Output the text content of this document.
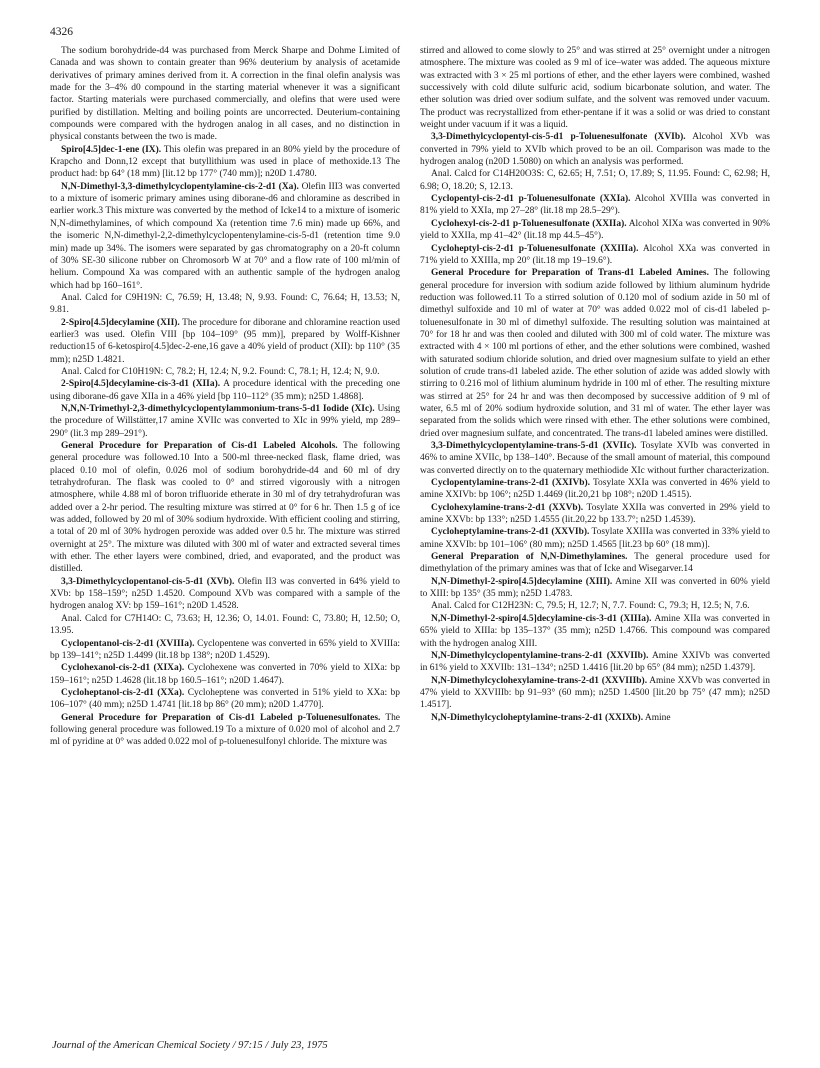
4326

The sodium borohydride-d4 was purchased from Merck Sharpe and Dohme Limited of Canada and was shown to contain greater than 96% deuterium by analysis of acetamide derivatives of primary amines derived from it. A correction in the final olefin analysis was made for the 3–4% d0 compound in the starting material whenever it was a significant factor. Starting materials were purchased commercially, and olefins that were used were purified by distillation. Melting and boiling points are uncorrected. Deuterium-containing compounds were compared with the hydrogen analog in all cases, and no distinction in physical constants between the two is made.

Spiro[4.5]dec-1-ene (IX). This olefin was prepared in an 80% yield by the procedure of Krapcho and Donn,12 except that butyllithium was used in place of methoxide.13 The product had: bp 64° (18 mm) [lit.12 bp 177° (740 mm)]; n20D 1.4780.

N,N-Dimethyl-3,3-dimethylcyclopentylamine-cis-2-d1 (Xa). Olefin III3 was converted to a mixture of isomeric primary amines using diborane-d6 and chloramine as described in earlier work.3 This mixture was converted by the method of Icke14 to a mixture of isomeric N,N-dimethylamines, of which compound Xa (retention time 7.6 min) made up 66%, and the isomeric N,N-dimethyl-2,2-dimethylcyclopentenylamine-cis-5-d1 (retention time 9.0 min) made up 34%. The isomers were separated by gas chromatography on a 20-ft column of 30% SE-30 silicone rubber on Chromosorb W at 70° and a flow rate of 100 ml/min of helium. Compound Xa was compared with an authentic sample of the hydrogen analog which had bp 160–161°.

Anal. Calcd for C9H19N: C, 76.59; H, 13.48; N, 9.93. Found: C, 76.64; H, 13.53; N, 9.81.

2-Spiro[4.5]decylamine (XII). The procedure for diborane and chloramine reaction used earlier3 was used. Olefin VIII [bp 104–109° (95 mm)], prepared by Wolff-Kishner reduction15 of 6-ketospiro[4.5]dec-2-ene,16 gave a 40% yield of product (XII): bp 110° (35 mm); n25D 1.4821.

Anal. Calcd for C10H19N: C, 78.2; H, 12.4; N, 9.2. Found: C, 78.1; H, 12.4; N, 9.0.

2-Spiro[4.5]decylamine-cis-3-d1 (XIIa). A procedure identical with the preceding one using diborane-d6 gave XIIa in a 46% yield [bp 110–112° (35 mm); n25D 1.4868].

N,N,N-Trimethyl-2,3-dimethylcyclopentylammonium-trans-5-d1 Iodide (XIc). Using the procedure of Willstätter,17 amine XVIIc was converted to XIc in 99% yield, mp 289–290° (lit.3 mp 289–291°).

General Procedure for Preparation of Cis-d1 Labeled Alcohols. The following general procedure was followed.10 Into a 500-ml three-necked flask, flame dried, was placed 0.10 mol of olefin, 0.026 mol of sodium borohydride-d4 and 60 ml of dry tetrahydrofuran. The flask was cooled to 0° and stirred vigorously with a nitrogen atmosphere, while 4.88 ml of boron trifluoride etherate in 30 ml of dry tetrahydrofuran was added over a 2-hr period. The resulting mixture was stirred at 0° for 6 hr. Then 1.5 g of ice was added, followed by 20 ml of 30% sodium hydroxide. With efficient cooling and stirring, a total of 20 ml of 30% hydrogen peroxide was added over 0.5 hr. The mixture was stirred overnight at 25°. The mixture was diluted with 300 ml of water and extracted several times with ether. The ether layers were combined, dried, and evaporated, and the product was distilled.

3,3-Dimethylcyclopentanol-cis-5-d1 (XVb). Olefin II3 was converted in 64% yield to XVb: bp 158–159°; n25D 1.4520. Compound XVb was compared with a sample of the hydrogen analog XV: bp 159–161°; n20D 1.4528.

Anal. Calcd for C7H14O: C, 73.63; H, 12.36; O, 14.01. Found: C, 73.80; H, 12.50; O, 13.95.

Cyclopentanol-cis-2-d1 (XVIIIa). Cyclopentene was converted in 65% yield to XVIIIa: bp 139–141°; n25D 1.4499 (lit.18 bp 138°; n20D 1.4529).

Cyclohexanol-cis-2-d1 (XIXa). Cyclohexene was converted in 70% yield to XIXa: bp 159–161°; n25D 1.4628 (lit.18 bp 160.5–161°; n20D 1.4647).

Cycloheptanol-cis-2-d1 (XXa). Cycloheptene was converted in 51% yield to XXa: bp 106–107° (40 mm); n25D 1.4741 [lit.18 bp 86° (20 mm); n20D 1.4770].

General Procedure for Preparation of Cis-d1 Labeled p-Toluenesulfonates. The following general procedure was followed.19 To a mixture of 0.020 mol of alcohol and 2.7 ml of pyridine at 0° was added 0.022 mol of p-toluenesulfonyl chloride. The mixture was

stirred and allowed to come slowly to 25° and was stirred at 25° overnight under a nitrogen atmosphere. The mixture was cooled as 9 ml of ice–water was added. The aqueous mixture was extracted with 3 × 25 ml portions of ether, and the ether layers were combined, washed successively with cold dilute sulfuric acid, sodium bicarbonate solution, and water. The ether solution was dried over sodium sulfate, and the solvent was removed under vacuum. The product was recrystallized from ether-pentane if it was a solid or was dried to constant weight under vacuum if it was a liquid.

3,3-Dimethylcyclopentyl-cis-5-d1 p-Toluenesulfonate (XVIb). Alcohol XVb was converted in 79% yield to XVIb which proved to be an oil. Comparison was made to the hydrogen analog (n20D 1.5080) on which an analysis was performed.

Anal. Calcd for C14H20O3S: C, 62.65; H, 7.51; O, 17.89; S, 11.95. Found: C, 62.98; H, 6.98; O, 18.20; S, 12.13.

Cyclopentyl-cis-2-d1 p-Toluenesulfonate (XXIa). Alcohol XVIIIa was converted in 81% yield to XXIa, mp 27–28° (lit.18 mp 28.5–29°).

Cyclohexyl-cis-2-d1 p-Toluenesulfonate (XXIIa). Alcohol XIXa was converted in 90% yield to XXIIa, mp 41–42° (lit.18 mp 44.5–45°).

Cycloheptyl-cis-2-d1 p-Toluenesulfonate (XXIIIa). Alcohol XXa was converted in 71% yield to XXIIIa, mp 20° (lit.18 mp 19–19.6°).

General Procedure for Preparation of Trans-d1 Labeled Amines. The following general procedure for inversion with sodium azide followed by lithium aluminum hydride reduction was followed.11 To a stirred solution of 0.120 mol of sodium azide in 50 ml of dimethyl sulfoxide and 10 ml of water at 70° was added 0.022 mol of cis-d1 labeled p-toluenesulfonate in 30 ml of dimethyl sulfoxide. The resulting solution was maintained at 70° for 18 hr and was then cooled and diluted with 300 ml of cold water. The mixture was extracted with 4 × 100 ml portions of ether, and the ether solutions were combined, washed with saturated sodium chloride solution, and dried over magnesium sulfate to yield an ether solution of crude trans-d1 labeled azide. The ether solution of azide was added slowly with stirring to 0.216 mol of lithium aluminum hydride in 100 ml of ether. The resulting mixture was stirred at 25° for 24 hr and was then decomposed by successive addition of 9 ml of water, 6.5 ml of 20% sodium hydroxide solution, and 31 ml of water. The ether layer was separated from the solids which were rinsed with ether. The ether solutions were combined, dried over magnesium sulfate, and concentrated. The trans-d1 labeled amines were distilled.

3,3-Dimethylcyclopentylamine-trans-5-d1 (XVIIc). Tosylate XVIb was converted in 46% to amine XVIIc, bp 138–140°. Because of the small amount of material, this compound was converted directly on to the quaternary methiodide XIc without further characterization.

Cyclopentylamine-trans-2-d1 (XXIVb). Tosylate XXIa was converted in 46% yield to amine XXIVb: bp 106°; n25D 1.4469 (lit.20,21 bp 108°; n20D 1.4515).

Cyclohexylamine-trans-2-d1 (XXVb). Tosylate XXIIa was converted in 29% yield to amine XXVb: bp 133°; n25D 1.4555 (lit.20,22 bp 133.7°; n25D 1.4539).

Cycloheptylamine-trans-2-d1 (XXVIb). Tosylate XXIIIa was converted in 33% yield to amine XXVIb: bp 101–106° (80 mm); n25D 1.4565 [lit.23 bp 60° (18 mm)].

General Preparation of N,N-Dimethylamines. The general procedure used for dimethylation of the primary amines was that of Icke and Wisegarver.14

N,N-Dimethyl-2-spiro[4.5]decylamine (XIII). Amine XII was converted in 60% yield to XIII: bp 135° (35 mm); n25D 1.4783.

Anal. Calcd for C12H23N: C, 79.5; H, 12.7; N, 7.7. Found: C, 79.3; H, 12.5; N, 7.6.

N,N-Dimethyl-2-spiro[4.5]decylamine-cis-3-d1 (XIIIa). Amine XIIa was converted in 65% yield to XIIIa: bp 135–137° (35 mm); n25D 1.4766. This compound was compared with the hydrogen analog XIII.

N,N-Dimethylcyclopentylamine-trans-2-d1 (XXVIIb). Amine XXIVb was converted in 61% yield to XXVIIb: 131–134°; n25D 1.4416 [lit.20 bp 65° (84 mm); n25D 1.4379].

N,N-Dimethylcyclohexylamine-trans-2-d1 (XXVIIIb). Amine XXVb was converted in 47% yield to XXVIIIb: bp 91–93° (60 mm); n25D 1.4500 [lit.20 bp 75° (47 mm); n25D 1.4517].

N,N-Dimethylcycloheptylamine-trans-2-d1 (XXIXb). Amine

Journal of the American Chemical Society / 97:15 / July 23, 1975
